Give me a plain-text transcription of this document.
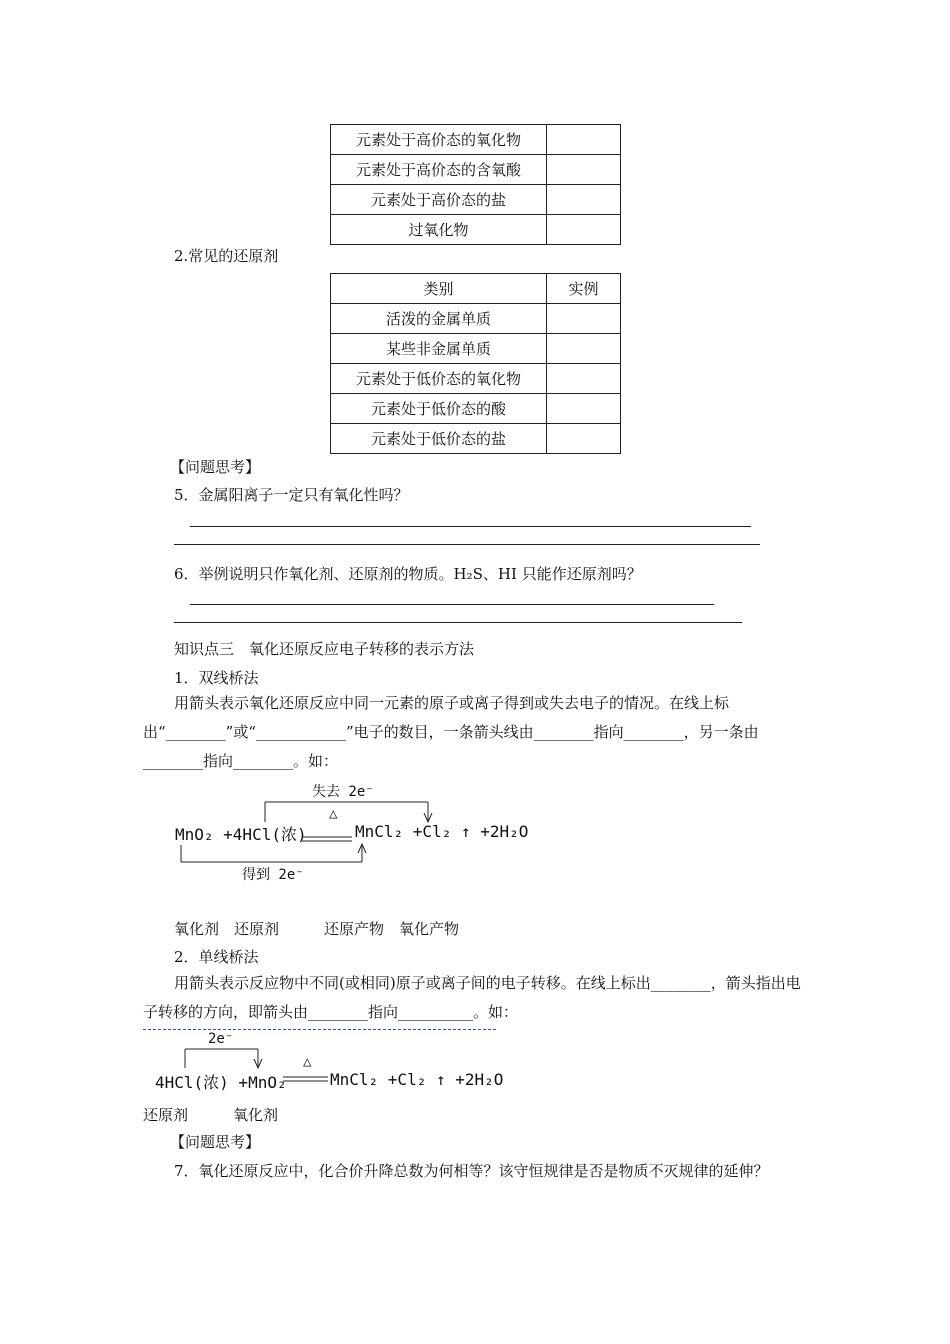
元素处于高价态的氧化物	
元素处于高价态的含氧酸	
元素处于高价态的盐	
过氧化物	
2.常见的还原剂
类别	实例
活泼的金属单质	
某些非金属单质	
元素处于低价态的氧化物	
元素处于低价态的酸	
元素处于低价态的盐	
【问题思考】
5．金属阳离子一定只有氧化性吗？
6．举例说明只作氧化剂、还原剂的物质。H₂S、HI 只能作还原剂吗？
知识点三　氧化还原反应电子转移的表示方法
1．双线桥法
用箭头表示氧化还原反应中同一元素的原子或离子得到或失去电子的情况。在线上标出“________”或“____________”电子的数目，一条箭头线由________指向________，另一条由________指向________。如：
失去 2e⁻
△
MnO₂ +4HCl(浓)	MnCl₂ +Cl₂ ↑ +2H₂O
得到 2e⁻
氧化剂　还原剂　　　还原产物　氧化产物
2．单线桥法
用箭头表示反应物中不同(或相同)原子或离子间的电子转移。在线上标出________，箭头指出电子转移的方向，即箭头由________指向__________。如：
2e⁻
△
4HCl(浓) +MnO₂	MnCl₂ +Cl₂ ↑ +2H₂O
还原剂　　　氧化剂
【问题思考】
7．氧化还原反应中，化合价升降总数为何相等？该守恒规律是否是物质不灭规律的延伸？
